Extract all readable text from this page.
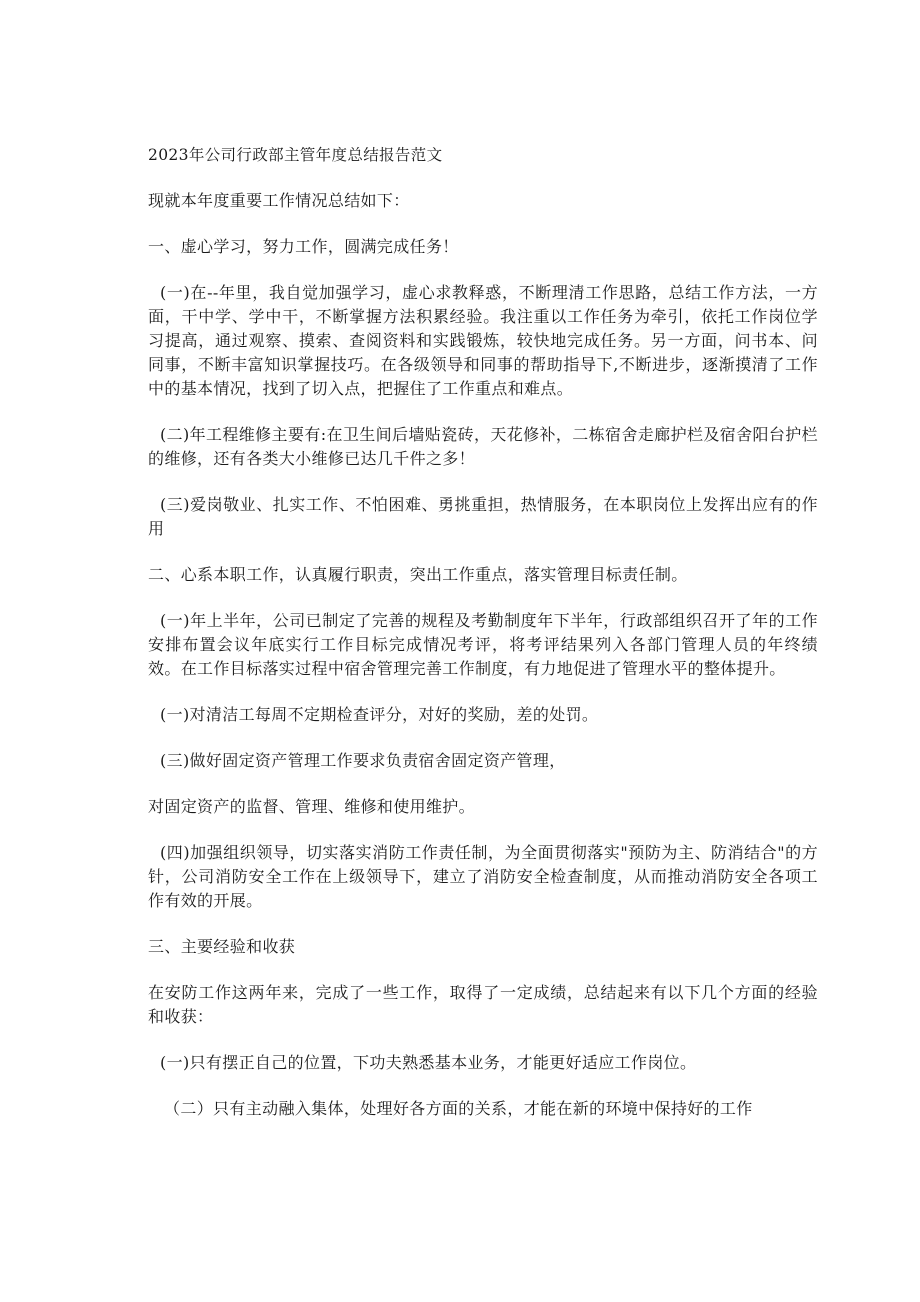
2023年公司行政部主管年度总结报告范文

现就本年度重要工作情况总结如下：

一、虚心学习，努力工作，圆满完成任务！

(一)在--年里，我自觉加强学习，虚心求教释惑，不断理清工作思路，总结工作方法，一方面，干中学、学中干，不断掌握方法积累经验。我注重以工作任务为牵引，依托工作岗位学习提高，通过观察、摸索、查阅资料和实践锻炼，较快地完成任务。另一方面，问书本、问同事，不断丰富知识掌握技巧。在各级领导和同事的帮助指导下,不断进步，逐渐摸清了工作中的基本情况，找到了切入点，把握住了工作重点和难点。

(二)年工程维修主要有:在卫生间后墙贴瓷砖，天花修补，二栋宿舍走廊护栏及宿舍阳台护栏的维修，还有各类大小维修已达几千件之多！

(三)爱岗敬业、扎实工作、不怕困难、勇挑重担，热情服务，在本职岗位上发挥出应有的作用

二、心系本职工作，认真履行职责，突出工作重点，落实管理目标责任制。

(一)年上半年，公司已制定了完善的规程及考勤制度年下半年，行政部组织召开了年的工作安排布置会议年底实行工作目标完成情况考评，将考评结果列入各部门管理人员的年终绩效。在工作目标落实过程中宿舍管理完善工作制度，有力地促进了管理水平的整体提升。

(一)对清洁工每周不定期检查评分，对好的奖励，差的处罚。

(三)做好固定资产管理工作要求负责宿舍固定资产管理，

对固定资产的监督、管理、维修和使用维护。

(四)加强组织领导，切实落实消防工作责任制，为全面贯彻落实"预防为主、防消结合"的方针，公司消防安全工作在上级领导下，建立了消防安全检查制度，从而推动消防安全各项工作有效的开展。

三、主要经验和收获

在安防工作这两年来，完成了一些工作，取得了一定成绩，总结起来有以下几个方面的经验和收获：

(一)只有摆正自己的位置，下功夫熟悉基本业务，才能更好适应工作岗位。

（二）只有主动融入集体，处理好各方面的关系，才能在新的环境中保持好的工作
